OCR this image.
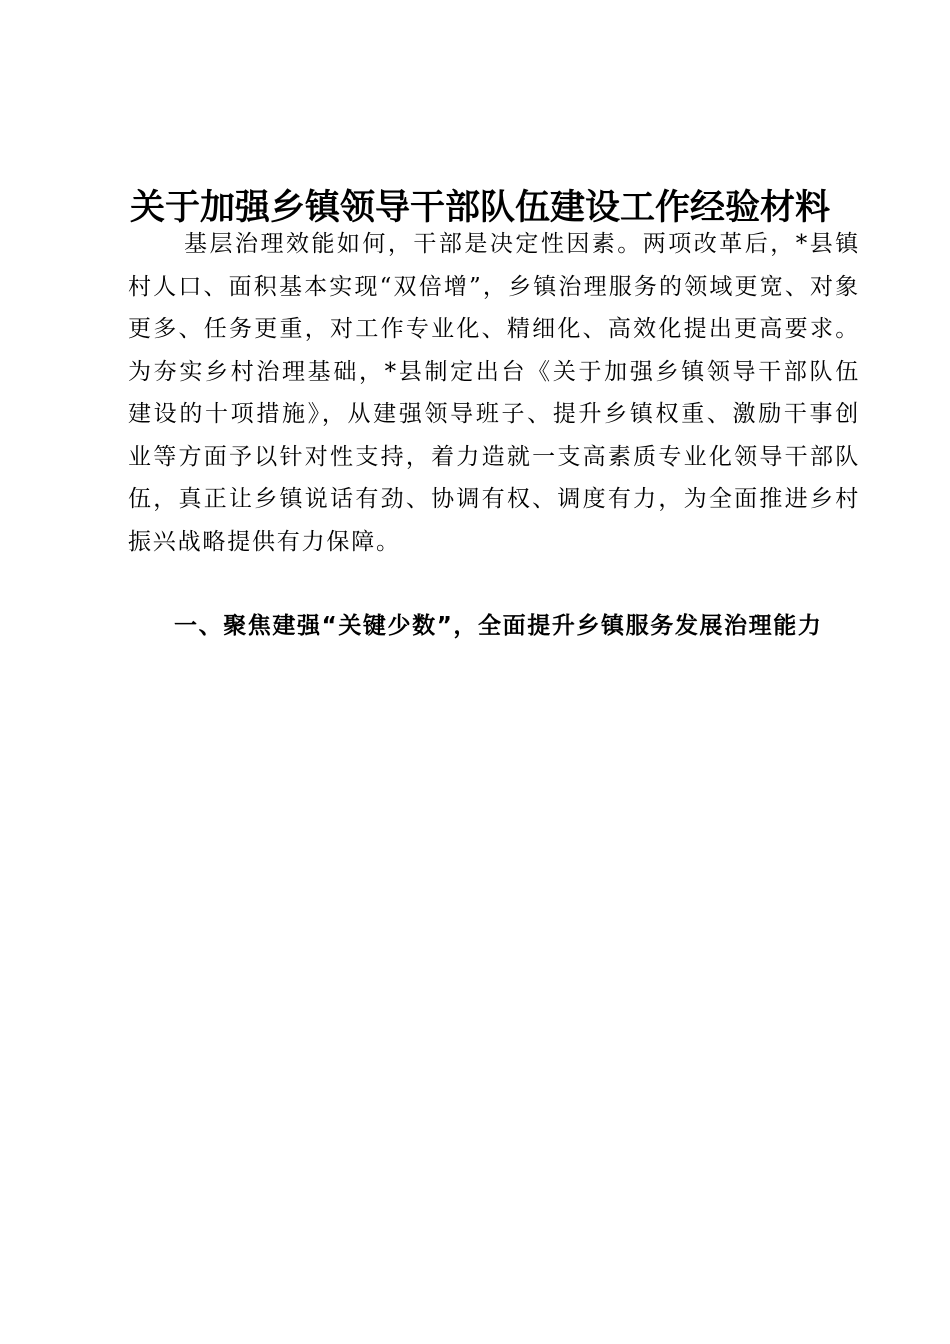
关于加强乡镇领导干部队伍建设工作经验材料

基层治理效能如何，干部是决定性因素。两项改革后，*县镇村人口、面积基本实现“双倍增”，乡镇治理服务的领域更宽、对象更多、任务更重，对工作专业化、精细化、高效化提出更高要求。为夯实乡村治理基础，*县制定出台《关于加强乡镇领导干部队伍建设的十项措施》，从建强领导班子、提升乡镇权重、激励干事创业等方面予以针对性支持，着力造就一支高素质专业化领导干部队伍，真正让乡镇说话有劲、协调有权、调度有力，为全面推进乡村振兴战略提供有力保障。

一、聚焦建强“关键少数”，全面提升乡镇服务发展治理能力
